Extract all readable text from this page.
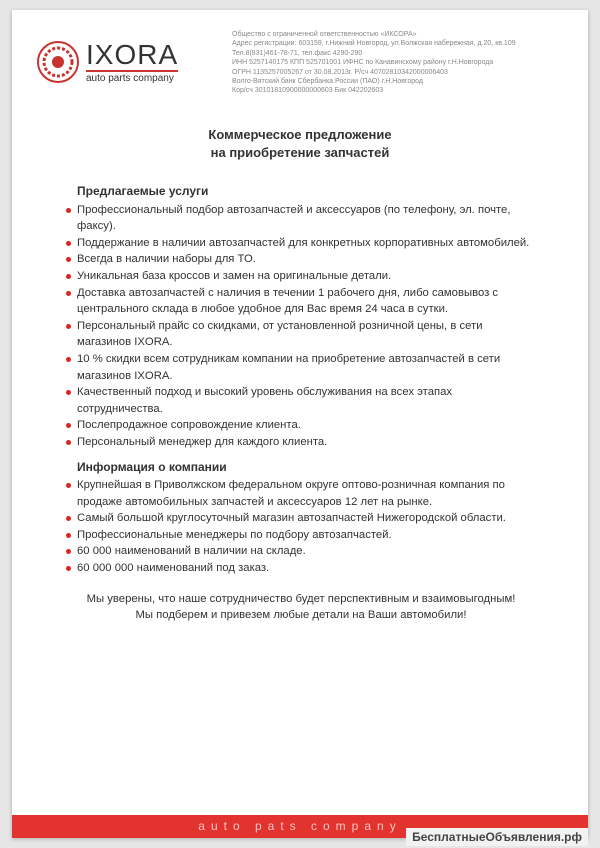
IXORA
auto parts company
Общество с ограниченной ответственностью «ИКСОРА»
Адрес регистрации: 603159, г.Нижний Новгород, ул.Волжская набережная, д.20, кв.109
Тел.8(831)461-78-71, тел.факс 4290-290
ИНН 5257140175 КПП 525701001 ИФНС по Канавинскому району г.Н.Новгорода
ОГРН 1135257005267 от 30.08.2013г. Р/сч 40702810342000006403
Волго-Вятский банк Сбербанка России (ПАО) г.Н.Новгород
Кор/сч 30101810900000000603 Бик 042202603
Коммерческое предложение
на приобретение запчастей
Предлагаемые услуги
Профессиональный подбор автозапчастей и аксессуаров (по телефону, эл. почте, факсу).
Поддержание в наличии автозапчастей для конкретных корпоративных автомобилей.
Всегда в наличии наборы для ТО.
Уникальная база кроссов и замен на оригинальные детали.
Доставка автозапчастей с наличия в течении 1 рабочего дня, либо самовывоз с центрального склада в любое удобное для Вас время 24 часа в сутки.
Персональный прайс со скидками, от установленной розничной цены, в сети магазинов IXORA.
10 % скидки всем сотрудникам компании на приобретение автозапчастей в сети магазинов IXORA.
Качественный подход и высокий уровень обслуживания на всех этапах сотрудничества.
Послепродажное сопровождение клиента.
Персональный менеджер для каждого клиента.
Информация о компании
Крупнейшая в Приволжском федеральном округе оптово-розничная компания по продаже автомобильных запчастей и аксессуаров 12 лет на рынке.
Самый большой круглосуточный магазин автозапчастей Нижегородской области.
Профессиональные менеджеры по подбору автозапчастей.
60 000 наименований в наличии на складе.
60 000 000 наименований под заказ.
Мы уверены, что наше сотрудничество будет перспективным и взаимовыгодным!
Мы подберем и привезем любые детали на Ваши автомобили!
auto pats company
БесплатныеОбъявления.рф
